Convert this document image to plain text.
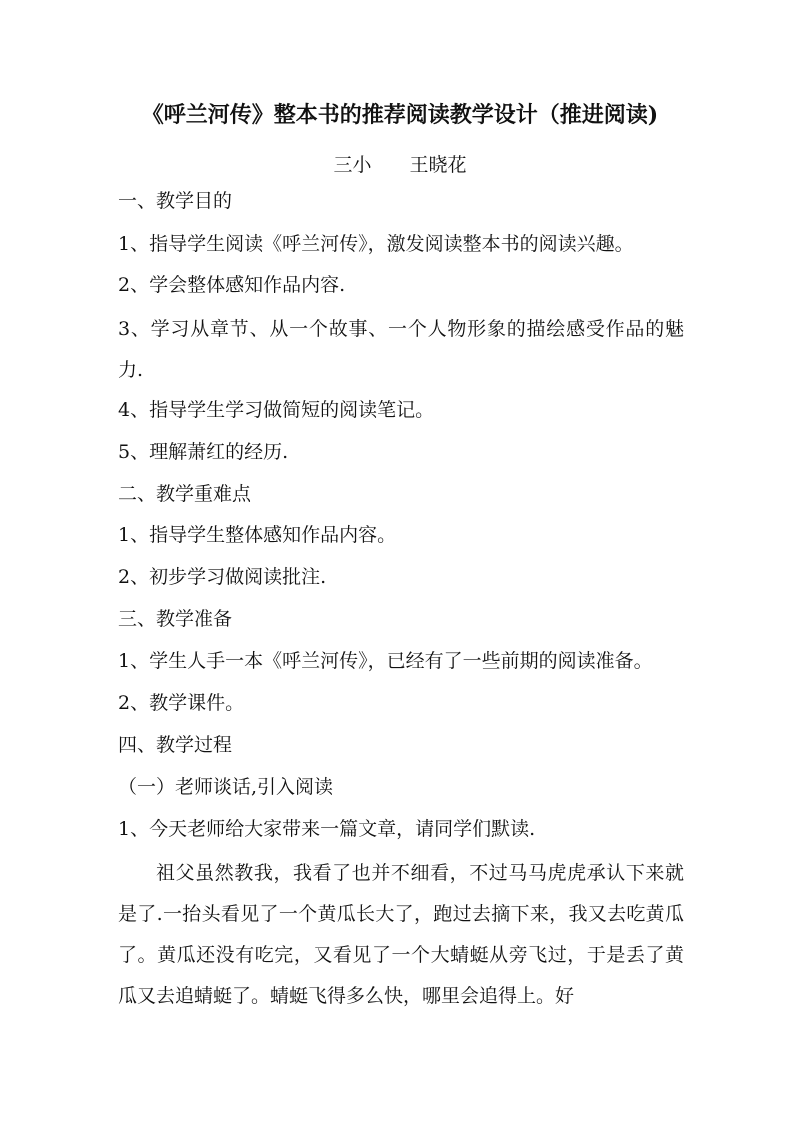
《呼兰河传》整本书的推荐阅读教学设计（推进阅读)
三小　　王晓花
一、教学目的
1、指导学生阅读《呼兰河传》，激发阅读整本书的阅读兴趣。
2、学会整体感知作品内容.
3、学习从章节、从一个故事、一个人物形象的描绘感受作品的魅力.
4、指导学生学习做简短的阅读笔记。
5、理解萧红的经历.
二、教学重难点
1、指导学生整体感知作品内容。
2、初步学习做阅读批注.
三、教学准备
1、学生人手一本《呼兰河传》，已经有了一些前期的阅读准备。
2、教学课件。
四、教学过程
（一）老师谈话,引入阅读
1、今天老师给大家带来一篇文章，请同学们默读.
祖父虽然教我，我看了也并不细看，不过马马虎虎承认下来就是了.一抬头看见了一个黄瓜长大了，跑过去摘下来，我又去吃黄瓜了。黄瓜还没有吃完，又看见了一个大蜻蜓从旁飞过，于是丢了黄瓜又去追蜻蜓了。蜻蜓飞得多么快，哪里会追得上。好
